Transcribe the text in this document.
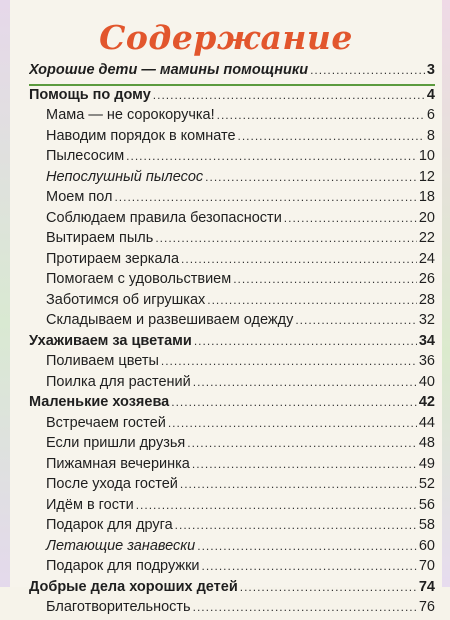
Содержание
Хорошие дети — мамины помощники .....	3
Помощь по дому .....	4
Мама — не сорокоручка! .....	6
Наводим порядок в комнате .....	8
Пылесосим .....	10
Непослушный пылесос .....	12
Моем пол .....	18
Соблюдаем правила безопасности .....	20
Вытираем пыль .....	22
Протираем зеркала .....	24
Помогаем с удовольствием .....	26
Заботимся об игрушках .....	28
Складываем и развешиваем одежду .....	32
Ухаживаем за цветами .....	34
Поливаем цветы .....	36
Поилка для растений .....	40
Маленькие хозяева .....	42
Встречаем гостей .....	44
Если пришли друзья .....	48
Пижамная вечеринка .....	49
После ухода гостей .....	52
Идём в гости .....	56
Подарок для друга .....	58
Летающие занавески .....	60
Подарок для подружки .....	70
Добрые дела хороших детей .....	74
Благотворительность .....	76
